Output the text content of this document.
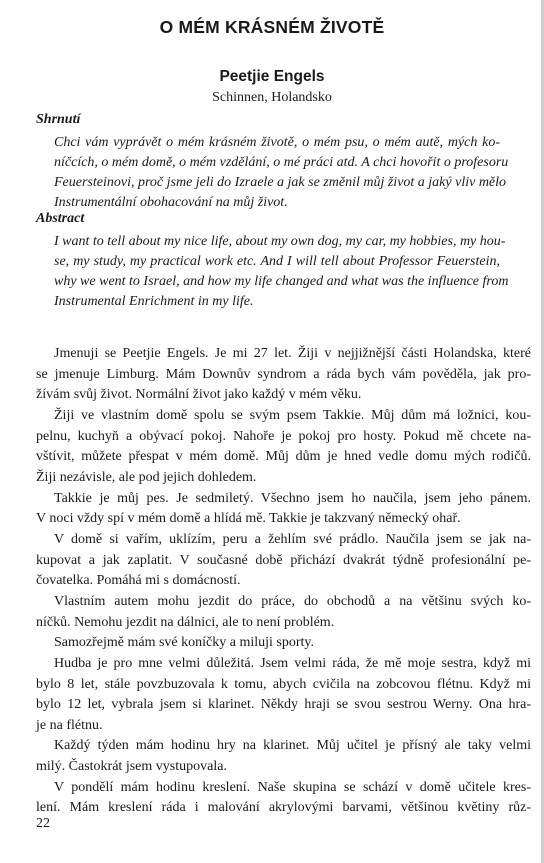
O MÉM KRÁSNÉM ŽIVOTĚ
Peetjie Engels
Schinnen, Holandsko
Shrnutí
Chci vám vyprávět o mém krásném životě, o mém psu, o mém autě, mých ko-
níčcích, o mém domě, o mém vzdělání, o mé práci atd. A chci hovořit o profesoru
Feuersteinovi, proč jsme jeli do Izraele a jak se změnil můj život a jaký vliv mělo
Instrumentální obohacování na můj život.
Abstract
I want to tell about my nice life, about my own dog, my car, my hobbies, my hou-
se, my study, my practical work etc. And I will tell about Professor Feuerstein,
why we went to Israel, and how my life changed and what was the influence from
Instrumental Enrichment in my life.
Jmenuji se Peetjie Engels. Je mi 27 let. Žiji v nejjižnější části Holandska, které
se jmenuje Limburg. Mám Downův syndrom a ráda bych vám pověděla, jak pro-
žívám svůj život. Normální život jako každý v mém věku.
Žiji ve vlastním domě spolu se svým psem Takkie. Můj dům má ložnici, kou-
pelnu, kuchyň a obývací pokoj. Nahoře je pokoj pro hosty. Pokud mě chcete na-
vštívit, můžete přespat v mém domě. Můj dům je hned vedle domu mých rodičů.
Žiji nezávisle, ale pod jejich dohledem.
Takkie je můj pes. Je sedmiletý. Všechno jsem ho naučila, jsem jeho pánem.
V noci vždy spí v mém domě a hlídá mě. Takkie je takzvaný německý ohař.
V domě si vařím, uklízím, peru a žehlím své prádlo. Naučila jsem se jak na-
kupovat a jak zaplatit. V současné době přichází dvakrát týdně profesionální pe-
čovatelka. Pomáhá mi s domácností.
Vlastním autem mohu jezdit do práce, do obchodů a na většinu svých ko-
níčků. Nemohu jezdit na dálnici, ale to není problém.
Samozřejmě mám své koníčky a miluji sporty.
Hudba je pro mne velmi důležitá. Jsem velmi ráda, že mě moje sestra, když mi
bylo 8 let, stále povzbuzovala k tomu, abych cvičila na zobcovou flétnu. Když mi
bylo 12 let, vybrala jsem si klarinet. Někdy hraji se svou sestrou Werny. Ona hra-
je na flétnu.
Každý týden mám hodinu hry na klarinet. Můj učitel je přísný ale taky velmi
milý. Častokrát jsem vystupovala.
V pondělí mám hodinu kreslení. Naše skupina se schází v domě učitele kres-
lení. Mám kreslení ráda i malování akrylovými barvami, většinou květiny růz-
22
